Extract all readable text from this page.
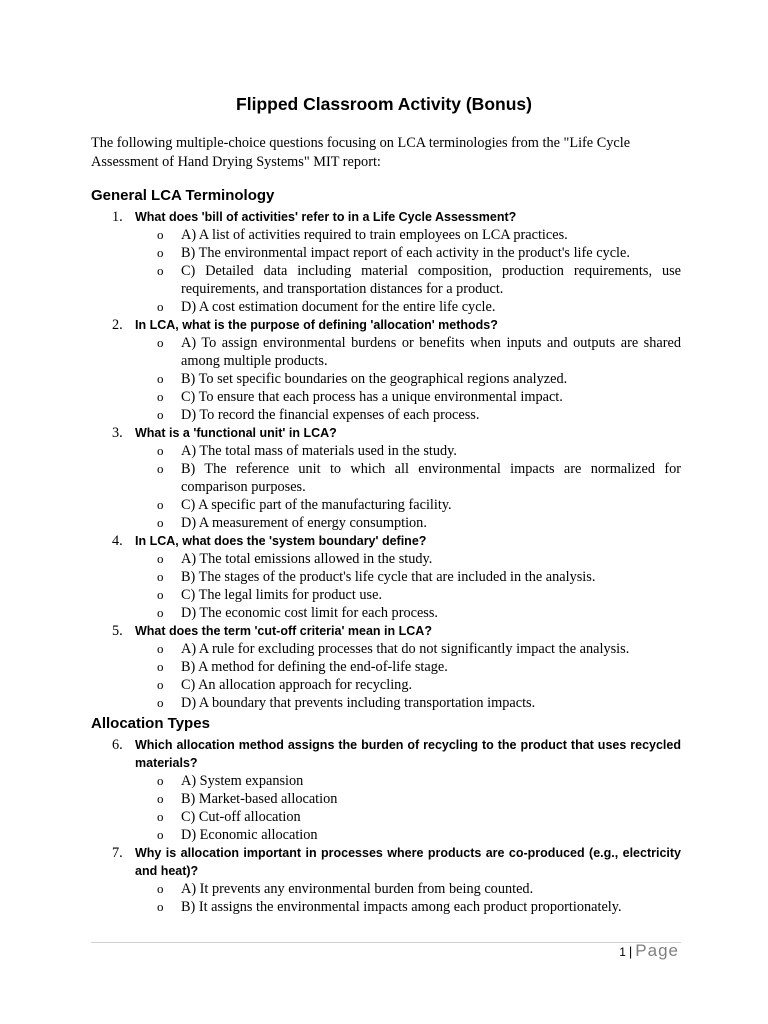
Flipped Classroom Activity (Bonus)
The following multiple-choice questions focusing on LCA terminologies from the "Life Cycle Assessment of Hand Drying Systems" MIT report:
General LCA Terminology
1. What does 'bill of activities' refer to in a Life Cycle Assessment?
o A) A list of activities required to train employees on LCA practices.
o B) The environmental impact report of each activity in the product's life cycle.
o C) Detailed data including material composition, production requirements, use requirements, and transportation distances for a product.
o D) A cost estimation document for the entire life cycle.
2. In LCA, what is the purpose of defining 'allocation' methods?
o A) To assign environmental burdens or benefits when inputs and outputs are shared among multiple products.
o B) To set specific boundaries on the geographical regions analyzed.
o C) To ensure that each process has a unique environmental impact.
o D) To record the financial expenses of each process.
3. What is a 'functional unit' in LCA?
o A) The total mass of materials used in the study.
o B) The reference unit to which all environmental impacts are normalized for comparison purposes.
o C) A specific part of the manufacturing facility.
o D) A measurement of energy consumption.
4. In LCA, what does the 'system boundary' define?
o A) The total emissions allowed in the study.
o B) The stages of the product's life cycle that are included in the analysis.
o C) The legal limits for product use.
o D) The economic cost limit for each process.
5. What does the term 'cut-off criteria' mean in LCA?
o A) A rule for excluding processes that do not significantly impact the analysis.
o B) A method for defining the end-of-life stage.
o C) An allocation approach for recycling.
o D) A boundary that prevents including transportation impacts.
Allocation Types
6. Which allocation method assigns the burden of recycling to the product that uses recycled materials?
o A) System expansion
o B) Market-based allocation
o C) Cut-off allocation
o D) Economic allocation
7. Why is allocation important in processes where products are co-produced (e.g., electricity and heat)?
o A) It prevents any environmental burden from being counted.
o B) It assigns the environmental impacts among each product proportionately.
1 | Page
